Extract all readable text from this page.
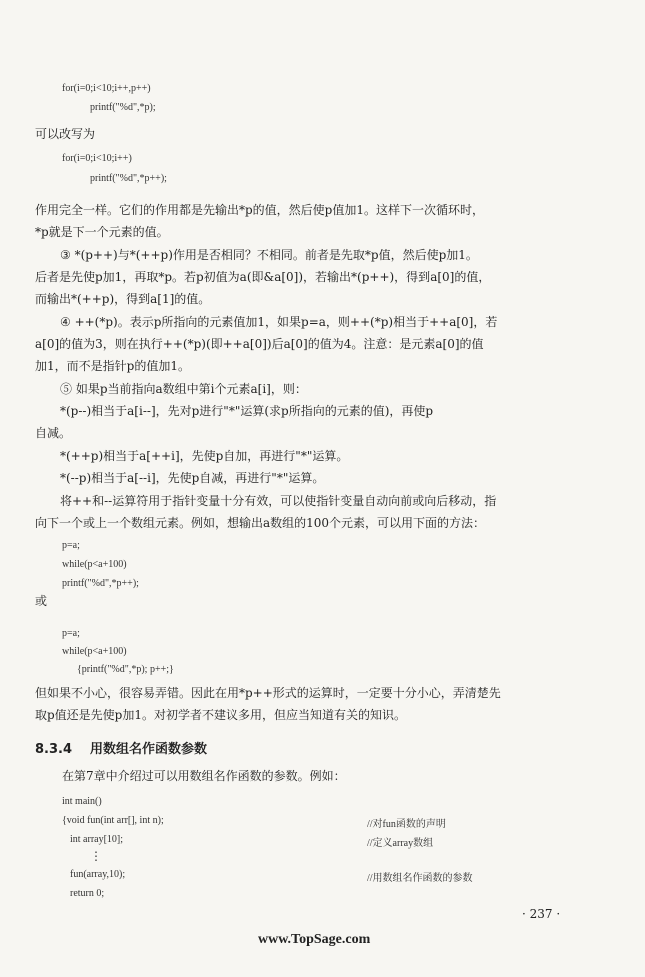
for(i=0;i<10;i++,p++)
printf("%d",*p);
可以改写为
for(i=0;i<10;i++)
printf("%d",*p++);
作用完全一样。它们的作用都是先输出*p的值，然后使p值加1。这样下一次循环时，
*p就是下一个元素的值。
③ *(p++)与*(++p)作用是否相同？不相同。前者是先取*p值，然后使p加1。
后者是先使p加1，再取*p。若p初值为a(即&a[0])，若输出*(p++)，得到a[0]的值，
而输出*(++p)，得到a[1]的值。
④ ++(*p)。表示p所指向的元素值加1，如果p=a，则++(*p)相当于++a[0]，若
a[0]的值为3，则在执行++(*p)(即++a[0])后a[0]的值为4。注意：是元素a[0]的值
加1，而不是指针p的值加1。
⑤ 如果p当前指向a数组中第i个元素a[i]，则：
*(p--)相当于a[i--]，先对p进行"*"运算(求p所指向的元素的值)，再使p
自减。
*(++p)相当于a[++i]，先使p自加，再进行"*"运算。
*(--p)相当于a[--i]，先使p自减，再进行"*"运算。
将++和--运算符用于指针变量十分有效，可以使指针变量自动向前或向后移动，指
向下一个或上一个数组元素。例如，想输出a数组的100个元素，可以用下面的方法：
p=a;
while(p<a+100)
printf("%d",*p++);
或
p=a;
while(p<a+100)
{printf("%d",*p); p++;}
但如果不小心，很容易弄错。因此在用*p++形式的运算时，一定要十分小心，弄清楚先
取p值还是先使p加1。对初学者不建议多用，但应当知道有关的知识。
8.3.4 用数组名作函数参数
在第7章中介绍过可以用数组名作函数的参数。例如：
int main()
{void fun(int arr[], int n);	//对fun函数的声明
int array[10];	//定义array数组
⋮
fun(array,10);	//用数组名作函数的参数
return 0;
· 237 ·
www.TopSage.com
